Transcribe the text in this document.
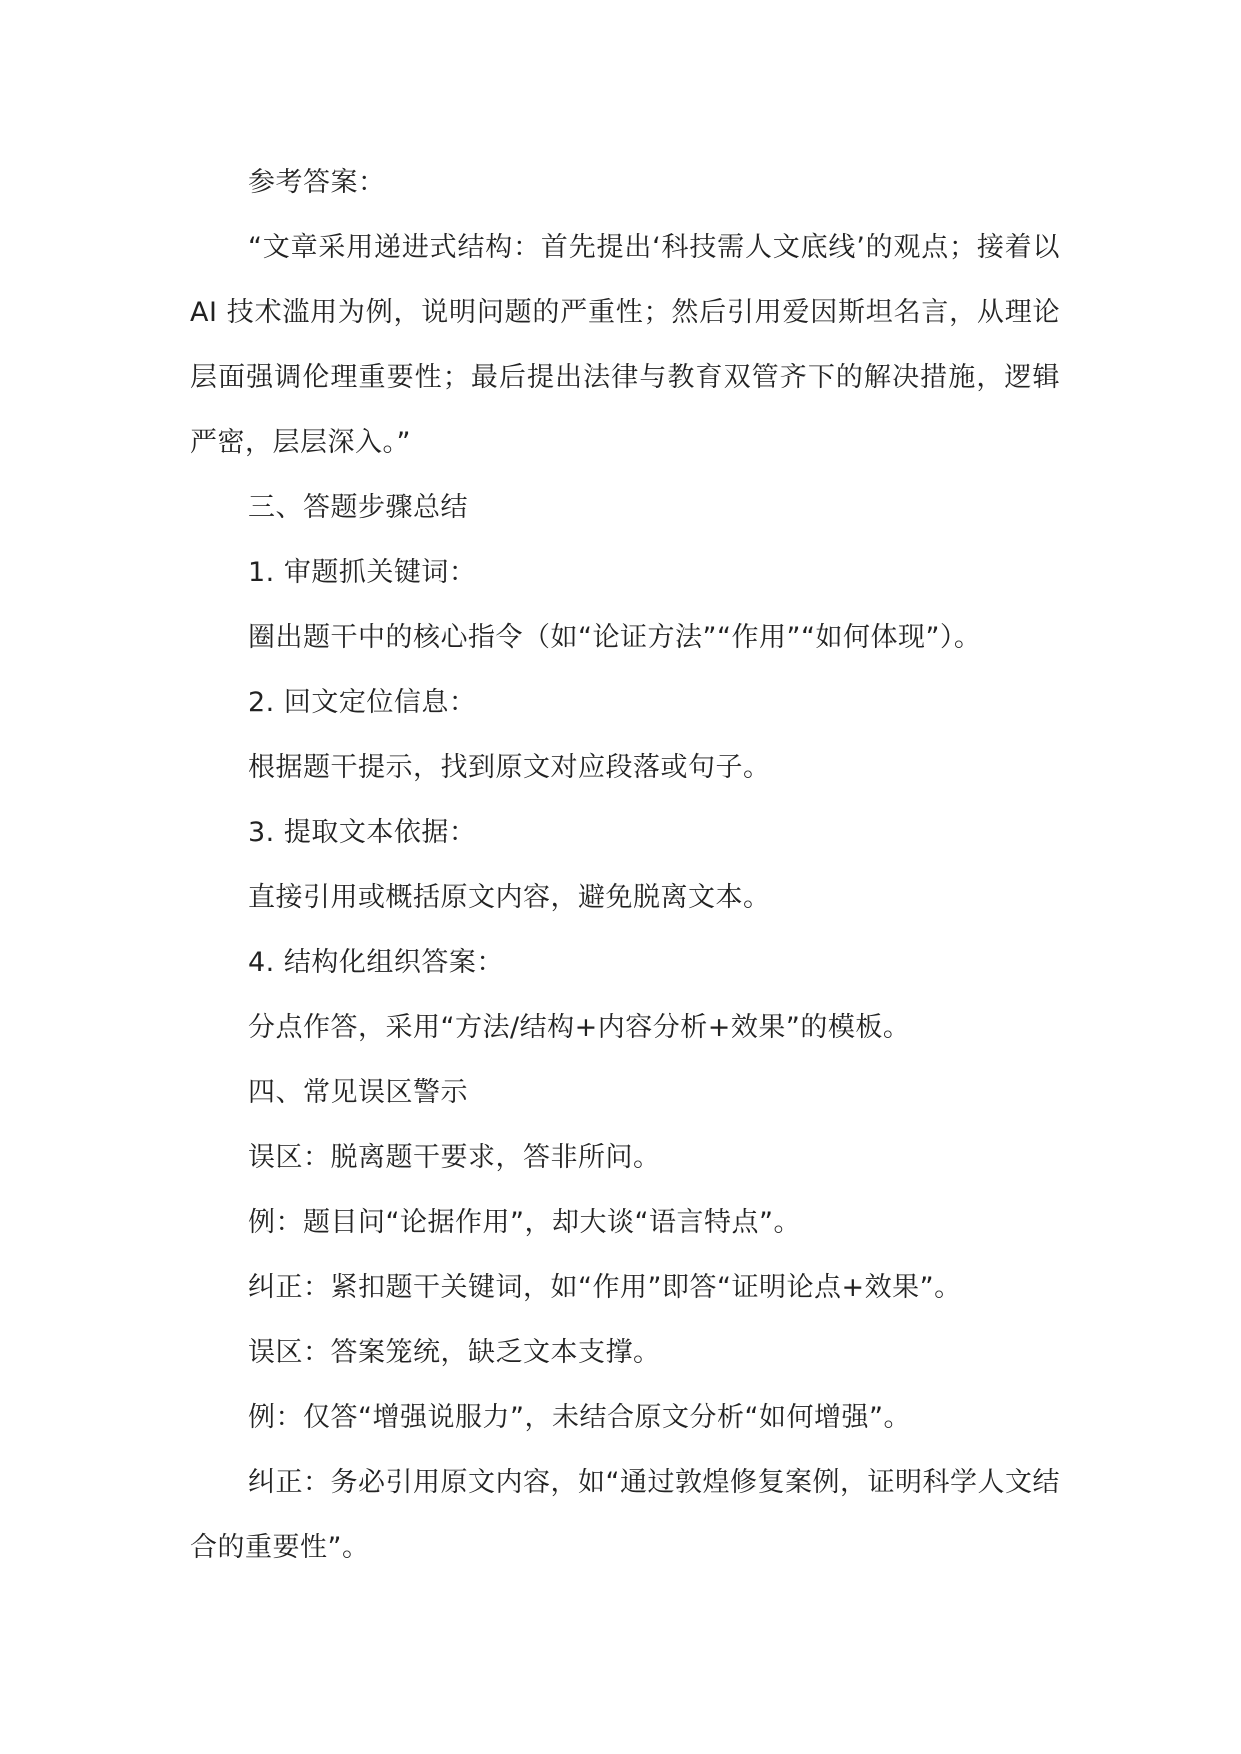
参考答案：

“文章采用递进式结构：首先提出‘科技需人文底线’的观点；接着以 AI 技术滥用为例，说明问题的严重性；然后引用爱因斯坦名言，从理论层面强调伦理重要性；最后提出法律与教育双管齐下的解决措施，逻辑严密，层层深入。”

三、答题步骤总结

1. 审题抓关键词：

圈出题干中的核心指令（如“论证方法”“作用”“如何体现”）。

2. 回文定位信息：

根据题干提示，找到原文对应段落或句子。

3. 提取文本依据：

直接引用或概括原文内容，避免脱离文本。

4. 结构化组织答案：

分点作答，采用“方法/结构+内容分析+效果”的模板。

四、常见误区警示

误区：脱离题干要求，答非所问。

例：题目问“论据作用”，却大谈“语言特点”。

纠正：紧扣题干关键词，如“作用”即答“证明论点+效果”。

误区：答案笼统，缺乏文本支撑。

例：仅答“增强说服力”，未结合原文分析“如何增强”。

纠正：务必引用原文内容，如“通过敦煌修复案例，证明科学人文结合的重要性”。
